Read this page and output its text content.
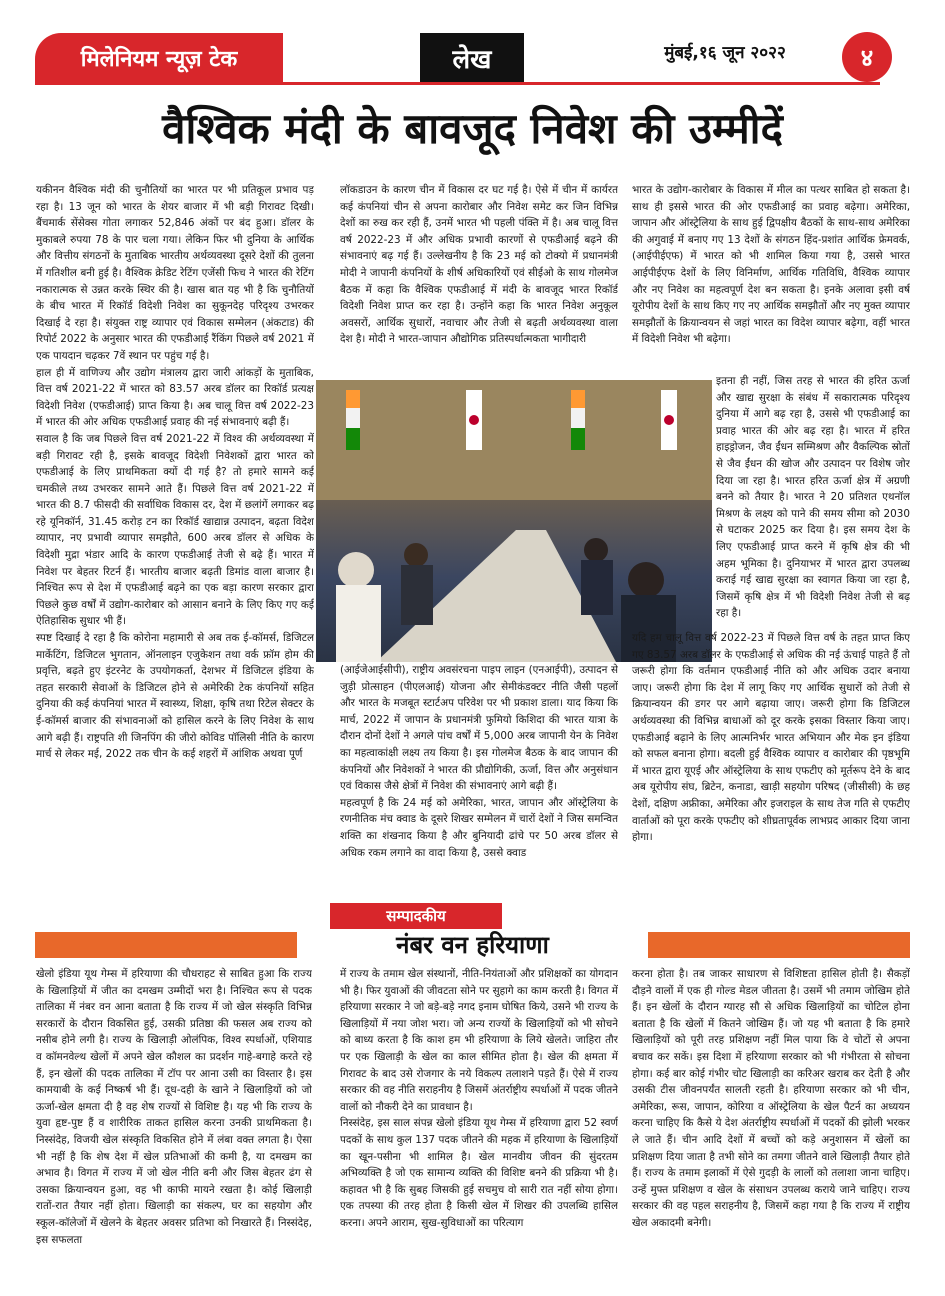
मिलेनियम न्यूज़ टेक	लेख	मुंबई,१६ जून २०२२	४
वैश्विक मंदी के बावजूद निवेश की उम्मीदें

यकीनन वैश्विक मंदी की चुनौतियों का भारत पर भी प्रतिकूल प्रभाव पड़ रहा है। 13 जून को भारत के शेयर बाजार में भी बड़ी गिरावट दिखी। बैंचमार्क सेंसेक्स गोता लगाकर 52,846 अंकों पर बंद हुआ। डॉलर के मुकाबले रुपया 78 के पार चला गया। लेकिन फिर भी दुनिया के आर्थिक और वित्तीय संगठनों के मुताबिक भारतीय अर्थव्यवस्था दूसरे देशों की तुलना में गतिशील बनी हुई है। वैश्विक क्रेडिट रेटिंग एजेंसी फिच ने भारत की रेटिंग नकारात्मक से उन्नत करके स्थिर की है। खास बात यह भी है कि चुनौतियों के बीच भारत में रिकॉर्ड विदेशी निवेश का सुकूनदेह परिदृश्य उभरकर दिखाई दे रहा है। संयुक्त राष्ट्र व्यापार एवं विकास सम्मेलन (अंकटाड) की रिपोर्ट 2022 के अनुसार भारत की एफडीआई रैंकिंग पिछले वर्ष 2021 में एक पायदान चढ़कर 7वें स्थान पर पहुंच गई है।

हाल ही में वाणिज्य और उद्योग मंत्रालय द्वारा जारी आंकड़ों के मुताबिक, वित्त वर्ष 2021-22 में भारत को 83.57 अरब डॉलर का रिकॉर्ड प्रत्यक्ष विदेशी निवेश (एफडीआई) प्राप्त किया है। अब चालू वित्त वर्ष 2022-23 में भारत की ओर अधिक एफडीआई प्रवाह की नई संभावनाएं बढ़ी हैं।

सवाल है कि जब पिछले वित्त वर्ष 2021-22 में विश्व की अर्थव्यवस्था में बड़ी गिरावट रही है, इसके बावजूद विदेशी निवेशकों द्वारा भारत को एफडीआई के लिए प्राथमिकता क्यों दी गई है? तो हमारे सामने कई चमकीले तथ्य उभरकर सामने आते हैं। पिछले वित्त वर्ष 2021-22 में भारत की 8.7 फीसदी की सर्वाधिक विकास दर, देश में छलांगें लगाकर बढ़ रहे यूनिकॉर्न, 31.45 करोड़ टन का रिकॉर्ड खाद्यान्न उत्पादन, बढ़ता विदेश व्यापार, नए प्रभावी व्यापार समझौते, 600 अरब डॉलर से अधिक के विदेशी मुद्रा भंडार आदि के कारण एफडीआई तेजी से बढ़े हैं। भारत में निवेश पर बेहतर रिटर्न हैं। भारतीय बाजार बढ़ती डिमांड वाला बाजार है। निश्चित रूप से देश में एफडीआई बढ़ने का एक बड़ा कारण सरकार द्वारा पिछले कुछ वर्षों में उद्योग-कारोबार को आसान बनाने के लिए किए गए कई ऐतिहासिक सुधार भी हैं।

स्पष्ट दिखाई दे रहा है कि कोरोना महामारी से अब तक ई-कॉमर्स, डिजिटल मार्केटिंग, डिजिटल भुगतान, ऑनलाइन एजुकेशन तथा वर्क फ्रॉम होम की प्रवृत्ति, बढ़ते हुए इंटरनेट के उपयोगकर्ता, देशभर में डिजिटल इंडिया के तहत सरकारी सेवाओं के डिजिटल होने से अमेरिकी टेक कंपनियों सहित दुनिया की कई कंपनियां भारत में स्वास्थ्य, शिक्षा, कृषि तथा रिटेल सेक्टर के ई-कॉमर्स बाजार की संभावनाओं को हासिल करने के लिए निवेश के साथ आगे बढ़ी हैं। राष्ट्रपति शी जिनपिंग की जीरो कोविड पॉलिसी नीति के कारण मार्च से लेकर मई, 2022 तक चीन के कई शहरों में आंशिक अथवा पूर्ण

लॉकडाउन के कारण चीन में विकास दर घट गई है। ऐसे में चीन में कार्यरत कई कंपनियां चीन से अपना कारोबार और निवेश समेट कर जिन विभिन्न देशों का रुख कर रही हैं, उनमें भारत भी पहली पंक्ति में है। अब चालू वित्त वर्ष 2022-23 में और अधिक प्रभावी कारणों से एफडीआई बढ़ने की संभावनाएं बढ़ गई हैं। उल्लेखनीय है कि 23 मई को टोक्यो में प्रधानमंत्री मोदी ने जापानी कंपनियों के शीर्ष अधिकारियों एवं सीईओ के साथ गोलमेज बैठक में कहा कि वैश्विक एफडीआई में मंदी के बावजूद भारत रिकॉर्ड विदेशी निवेश प्राप्त कर रहा है। उन्होंने कहा कि भारत निवेश अनुकूल अवसरों, आर्थिक सुधारों, नवाचार और तेजी से बढ़ती अर्थव्यवस्था वाला देश है। मोदी ने भारत-जापान औद्योगिक प्रतिस्पर्धात्मकता भागीदारी

(आईजेआईसीपी), राष्ट्रीय अवसंरचना पाइप लाइन (एनआईपी), उत्पादन से जुड़ी प्रोत्साहन (पीएलआई) योजना और सेमीकंडक्टर नीति जैसी पहलों और भारत के मजबूत स्टार्टअप परिवेश पर भी प्रकाश डाला। याद किया कि मार्च, 2022 में जापान के प्रधानमंत्री फुमियो किशिदा की भारत यात्रा के दौरान दोनों देशों ने अगले पांच वर्षों में 5,000 अरब जापानी येन के निवेश का महत्वाकांक्षी लक्ष्य तय किया है। इस गोलमेज बैठक के बाद जापान की कंपनियों और निवेशकों ने भारत की प्रौद्योगिकी, ऊर्जा, वित्त और अनुसंधान एवं विकास जैसे क्षेत्रों में निवेश की संभावनाएं आगे बढ़ी हैं।

महत्वपूर्ण है कि 24 मई को अमेरिका, भारत, जापान और ऑस्ट्रेलिया के रणनीतिक मंच क्वाड के दूसरे शिखर सम्मेलन में चारों देशों ने जिस समन्वित शक्ति का शंखनाद किया है और बुनियादी ढांचे पर 50 अरब डॉलर से अधिक रकम लगाने का वादा किया है, उससे क्वाड

भारत के उद्योग-कारोबार के विकास में मील का पत्थर साबित हो सकता है। साथ ही इससे भारत की ओर एफडीआई का प्रवाह बढ़ेगा। अमेरिका, जापान और ऑस्ट्रेलिया के साथ हुई द्विपक्षीय बैठकों के साथ-साथ अमेरिका की अगुवाई में बनाए गए 13 देशों के संगठन हिंद-प्रशांत आर्थिक फ्रेमवर्क, (आईपीईएफ) में भारत को भी शामिल किया गया है, उससे भारत आईपीईएफ देशों के लिए विनिर्माण, आर्थिक गतिविधि, वैश्विक व्यापार और नए निवेश का महत्वपूर्ण देश बन सकता है। इनके अलावा इसी वर्ष यूरोपीय देशों के साथ किए गए नए आर्थिक समझौतों और नए मुक्त व्यापार समझौतों के क्रियान्वयन से जहां भारत का विदेश व्यापार बढ़ेगा, वहीं भारत में विदेशी निवेश भी बढ़ेगा।

इतना ही नहीं, जिस तरह से भारत की हरित ऊर्जा और खाद्य सुरक्षा के संबंध में सकारात्मक परिदृश्य दुनिया में आगे बढ़ रहा है, उससे भी एफडीआई का प्रवाह भारत की ओर बढ़ रहा है। भारत में हरित हाइड्रोजन, जैव ईंधन सम्मिश्रण और वैकल्पिक स्रोतों से जैव ईंधन की खोज और उत्पादन पर विशेष जोर दिया जा रहा है। भारत हरित ऊर्जा क्षेत्र में अग्रणी बनने को तैयार है। भारत ने 20 प्रतिशत एथनॉल मिश्रण के लक्ष्य को पाने की समय सीमा को 2030 से घटाकर 2025 कर दिया है। इस समय देश के लिए एफडीआई प्राप्त करने में कृषि क्षेत्र की भी अहम भूमिका है। दुनियाभर में भारत द्वारा उपलब्ध कराई गई खाद्य सुरक्षा का स्वागत किया जा रहा है, जिसमें कृषि क्षेत्र में भी विदेशी निवेश तेजी से बढ़ रहा है।

यदि हम चालू वित्त वर्ष 2022-23 में पिछले वित्त वर्ष के तहत प्राप्त किए गए 83.57 अरब डॉलर के एफडीआई से अधिक की नई ऊंचाई पाहते हैं तो जरूरी होगा कि वर्तमान एफडीआई नीति को और अधिक उदार बनाया जाए। जरूरी होगा कि देश में लागू किए गए आर्थिक सुधारों को तेजी से क्रियान्वयन की डगर पर आगे बढ़ाया जाए। जरूरी होगा कि डिजिटल अर्थव्यवस्था की विभिन्न बाधाओं को दूर करके इसका विस्तार किया जाए। एफडीआई बढ़ाने के लिए आत्मनिर्भर भारत अभियान और मेक इन इंडिया को सफल बनाना होगा। बदली हुई वैश्विक व्यापार व कारोबार की पृष्ठभूमि में भारत द्वारा यूएई और ऑस्ट्रेलिया के साथ एफटीए को मूर्तरूप देने के बाद अब यूरोपीय संघ, ब्रिटेन, कनाडा, खाड़ी सहयोग परिषद (जीसीसी) के छह देशों, दक्षिण अफ्रीका, अमेरिका और इजराइल के साथ तेज गति से एफटीए वार्ताओं को पूरा करके एफटीए को शीघ्रतापूर्वक लाभप्रद आकार दिया जाना होगा।

सम्पादकीय
नंबर वन हरियाणा

खेलो इंडिया यूथ गेम्स में हरियाणा की चौधराहट से साबित हुआ कि राज्य के खिलाड़ियों में जीत का दमखम उम्मीदों भरा है। निश्चित रूप से पदक तालिका में नंबर वन आना बताता है कि राज्य में जो खेल संस्कृति विभिन्न सरकारों के दौरान विकसित हुई, उसकी प्रतिष्ठा की फसल अब राज्य को नसीब होने लगी है। राज्य के खिलाड़ी ओलंपिक, विश्व स्पर्धाओं, एशियाड व कॉमनवेल्थ खेलों में अपने खेल कौशल का प्रदर्शन गाहे-बगाहे करते रहे हैं, इन खेलों की पदक तालिका में टॉप पर आना उसी का विस्तार है। इस कामयाबी के कई निष्कर्ष भी हैं। दूध-दही के खाने ने खिलाड़ियों को जो ऊर्जा-खेल क्षमता दी है वह शेष राज्यों से विशिष्ट है। यह भी कि राज्य के युवा हृष्ट-पुष्ट हैं व शारीरिक ताकत हासिल करना उनकी प्राथमिकता है। निस्संदेह, विजयी खेल संस्कृति विकसित होने में लंबा वक्त लगता है। ऐसा भी नहीं है कि शेष देश में खेल प्रतिभाओं की कमी है, या दमखम का अभाव है। विगत में राज्य में जो खेल नीति बनी और जिस बेहतर ढंग से उसका क्रियान्वयन हुआ, वह भी काफी मायने रखता है। कोई खिलाड़ी रातों-रात तैयार नहीं होता। खिलाड़ी का संकल्प, घर का सहयोग और स्कूल-कॉलेजों में खेलने के बेहतर अवसर प्रतिभा को निखारते हैं। निस्संदेह, इस सफलता

में राज्य के तमाम खेल संस्थानों, नीति-नियंताओं और प्रशिक्षकों का योगदान भी है। फिर युवाओं की जीवटता सोने पर सुहागे का काम करती है। विगत में हरियाणा सरकार ने जो बड़े-बड़े नगद इनाम घोषित किये, उसने भी राज्य के खिलाड़ियों में नया जोश भरा। जो अन्य राज्यों के खिलाड़ियों को भी सोचने को बाध्य करता है कि काश हम भी हरियाणा के लिये खेलते। जाहिरा तौर पर एक खिलाड़ी के खेल का काल सीमित होता है। खेल की क्षमता में गिरावट के बाद उसे रोजगार के नये विकल्प तलाशने पड़ते हैं। ऐसे में राज्य सरकार की वह नीति सराहनीय है जिसमें अंतर्राष्ट्रीय स्पर्धाओं में पदक जीतने वालों को नौकरी देने का प्रावधान है।

निस्संदेह, इस साल संपन्न खेलो इंडिया यूथ गेम्स में हरियाणा द्वारा 52 स्वर्ण पदकों के साथ कुल 137 पदक जीतने की महक में हरियाणा के खिलाड़ियों का खून-पसीना भी शामिल है। खेल मानवीय जीवन की सुंदरतम अभिव्यक्ति है जो एक सामान्य व्यक्ति की विशिष्ट बनने की प्रक्रिया भी है। कहावत भी है कि सुबह जिसकी हुई सचमुच वो सारी रात नहीं सोया होगा। एक तपस्या की तरह होता है किसी खेल में शिखर की उपलब्धि हासिल करना। अपने आराम, सुख-सुविधाओं का परित्याग

करना होता है। तब जाकर साधारण से विशिष्टता हासिल होती है। सैकड़ों दौड़ने वालों में एक ही गोल्ड मेडल जीतता है। उसमें भी तमाम जोखिम होते हैं। इन खेलों के दौरान ग्यारह सौ से अधिक खिलाड़ियों का चोटिल होना बताता है कि खेलों में कितने जोखिम हैं। जो यह भी बताता है कि हमारे खिलाड़ियों को पूरी तरह प्रशिक्षण नहीं मिल पाया कि वे चोटों से अपना बचाव कर सकें। इस दिशा में हरियाणा सरकार को भी गंभीरता से सोचना होगा। कई बार कोई गंभीर चोट खिलाड़ी का करिअर खराब कर देती है और उसकी टीस जीवनपर्यंत सालती रहती है। हरियाणा सरकार को भी चीन, अमेरिका, रूस, जापान, कोरिया व ऑस्ट्रेलिया के खेल पैटर्न का अध्ययन करना चाहिए कि कैसे ये देश अंतर्राष्ट्रीय स्पर्धाओं में पदकों की झोली भरकर ले जाते हैं। चीन आदि देशों में बच्चों को कड़े अनुशासन में खेलों का प्रशिक्षण दिया जाता है तभी सोने का तमगा जीतने वाले खिलाड़ी तैयार होते हैं। राज्य के तमाम इलाकों में ऐसे गुदड़ी के लालों को तलाशा जाना चाहिए। उन्हें मुफ्त प्रशिक्षण व खेल के संसाधन उपलब्ध कराये जाने चाहिए। राज्य सरकार की वह पहल सराहनीय है, जिसमें कहा गया है कि राज्य में राष्ट्रीय खेल अकादमी बनेगी।
